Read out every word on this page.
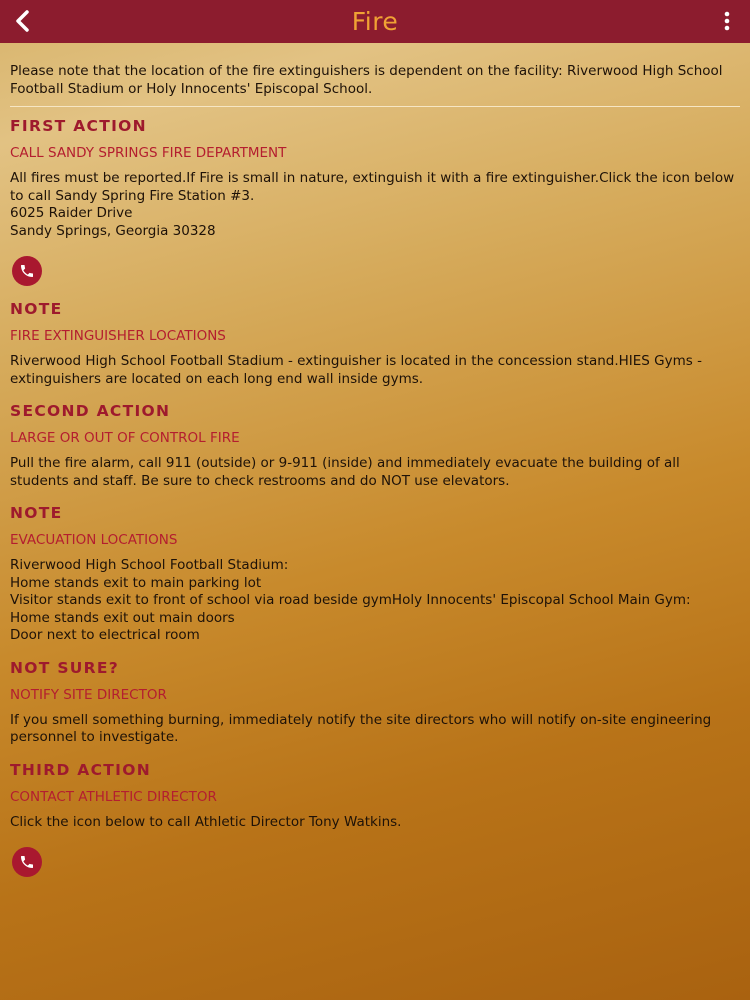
Fire

Please note that the location of the fire extinguishers is dependent on the facility: Riverwood High School Football Stadium or Holy Innocents' Episcopal School.

FIRST ACTION
CALL SANDY SPRINGS FIRE DEPARTMENT

All fires must be reported.If Fire is small in nature, extinguish it with a fire extinguisher.Click the icon below to call Sandy Spring Fire Station #3.
6025 Raider Drive
Sandy Springs, Georgia 30328

NOTE
FIRE EXTINGUISHER LOCATIONS

Riverwood High School Football Stadium - extinguisher is located in the concession stand.HIES Gyms - extinguishers are located on each long end wall inside gyms.

SECOND ACTION
LARGE OR OUT OF CONTROL FIRE

Pull the fire alarm, call 911 (outside) or 9-911 (inside) and immediately evacuate the building of all students and staff. Be sure to check restrooms and do NOT use elevators.

NOTE
EVACUATION LOCATIONS

Riverwood High School Football Stadium:
Home stands exit to main parking lot
Visitor stands exit to front of school via road beside gymHoly Innocents' Episcopal School Main Gym:
Home stands exit out main doors
Door next to electrical room

NOT SURE?
NOTIFY SITE DIRECTOR

If you smell something burning, immediately notify the site directors who will notify on-site engineering personnel to investigate.

THIRD ACTION
CONTACT ATHLETIC DIRECTOR

Click the icon below to call Athletic Director Tony Watkins.
